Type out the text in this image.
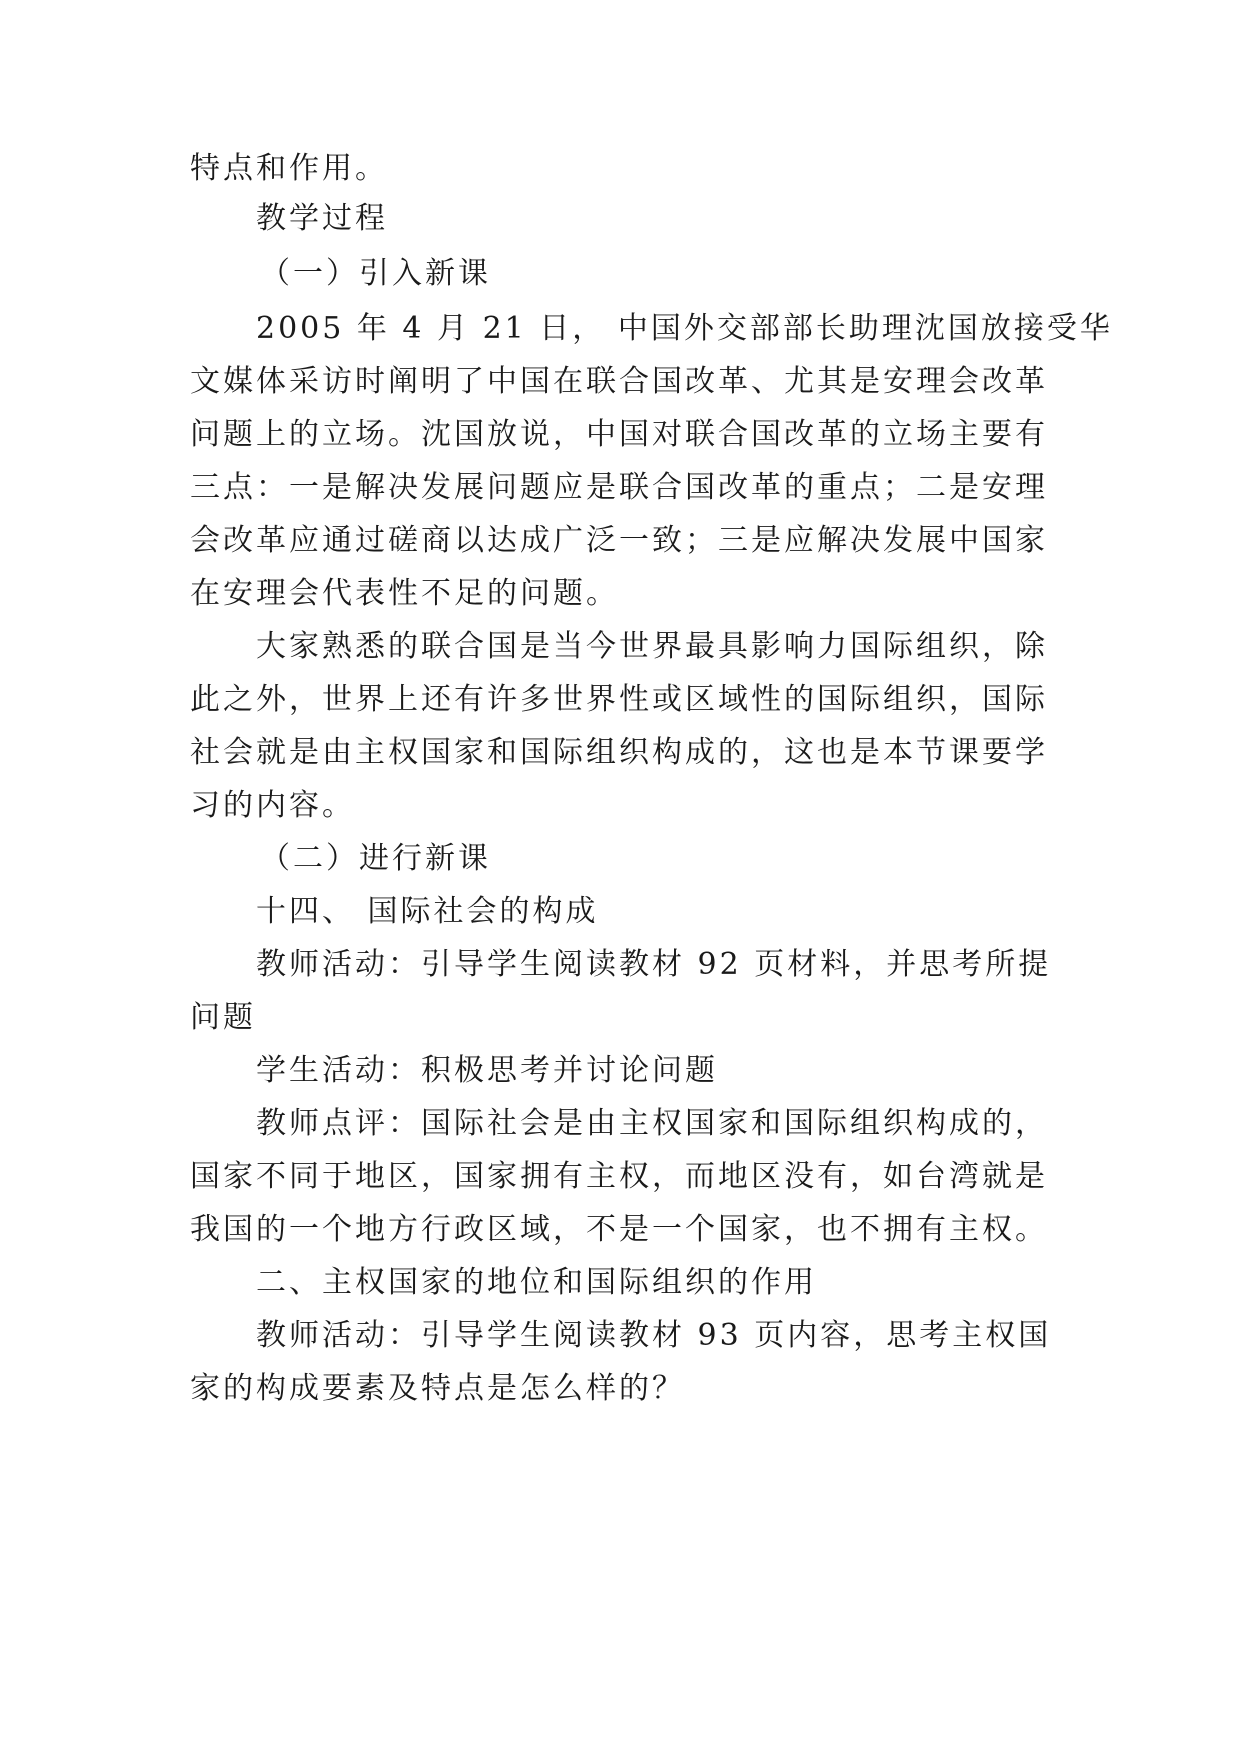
特点和作用。
教学过程
（一）引入新课
2005 年 4 月 21 日， 中国外交部部长助理沈国放接受华
文媒体采访时阐明了中国在联合国改革、尤其是安理会改革
问题上的立场。沈国放说，中国对联合国改革的立场主要有
三点：一是解决发展问题应是联合国改革的重点；二是安理
会改革应通过磋商以达成广泛一致；三是应解决发展中国家
在安理会代表性不足的问题。
大家熟悉的联合国是当今世界最具影响力国际组织，除
此之外，世界上还有许多世界性或区域性的国际组织，国际
社会就是由主权国家和国际组织构成的，这也是本节课要学
习的内容。
（二）进行新课
十四、 国际社会的构成
教师活动：引导学生阅读教材 92 页材料，并思考所提
问题
学生活动：积极思考并讨论问题
教师点评：国际社会是由主权国家和国际组织构成的，
国家不同于地区，国家拥有主权，而地区没有，如台湾就是
我国的一个地方行政区域，不是一个国家，也不拥有主权。
二、主权国家的地位和国际组织的作用
教师活动：引导学生阅读教材 93 页内容，思考主权国
家的构成要素及特点是怎么样的？
